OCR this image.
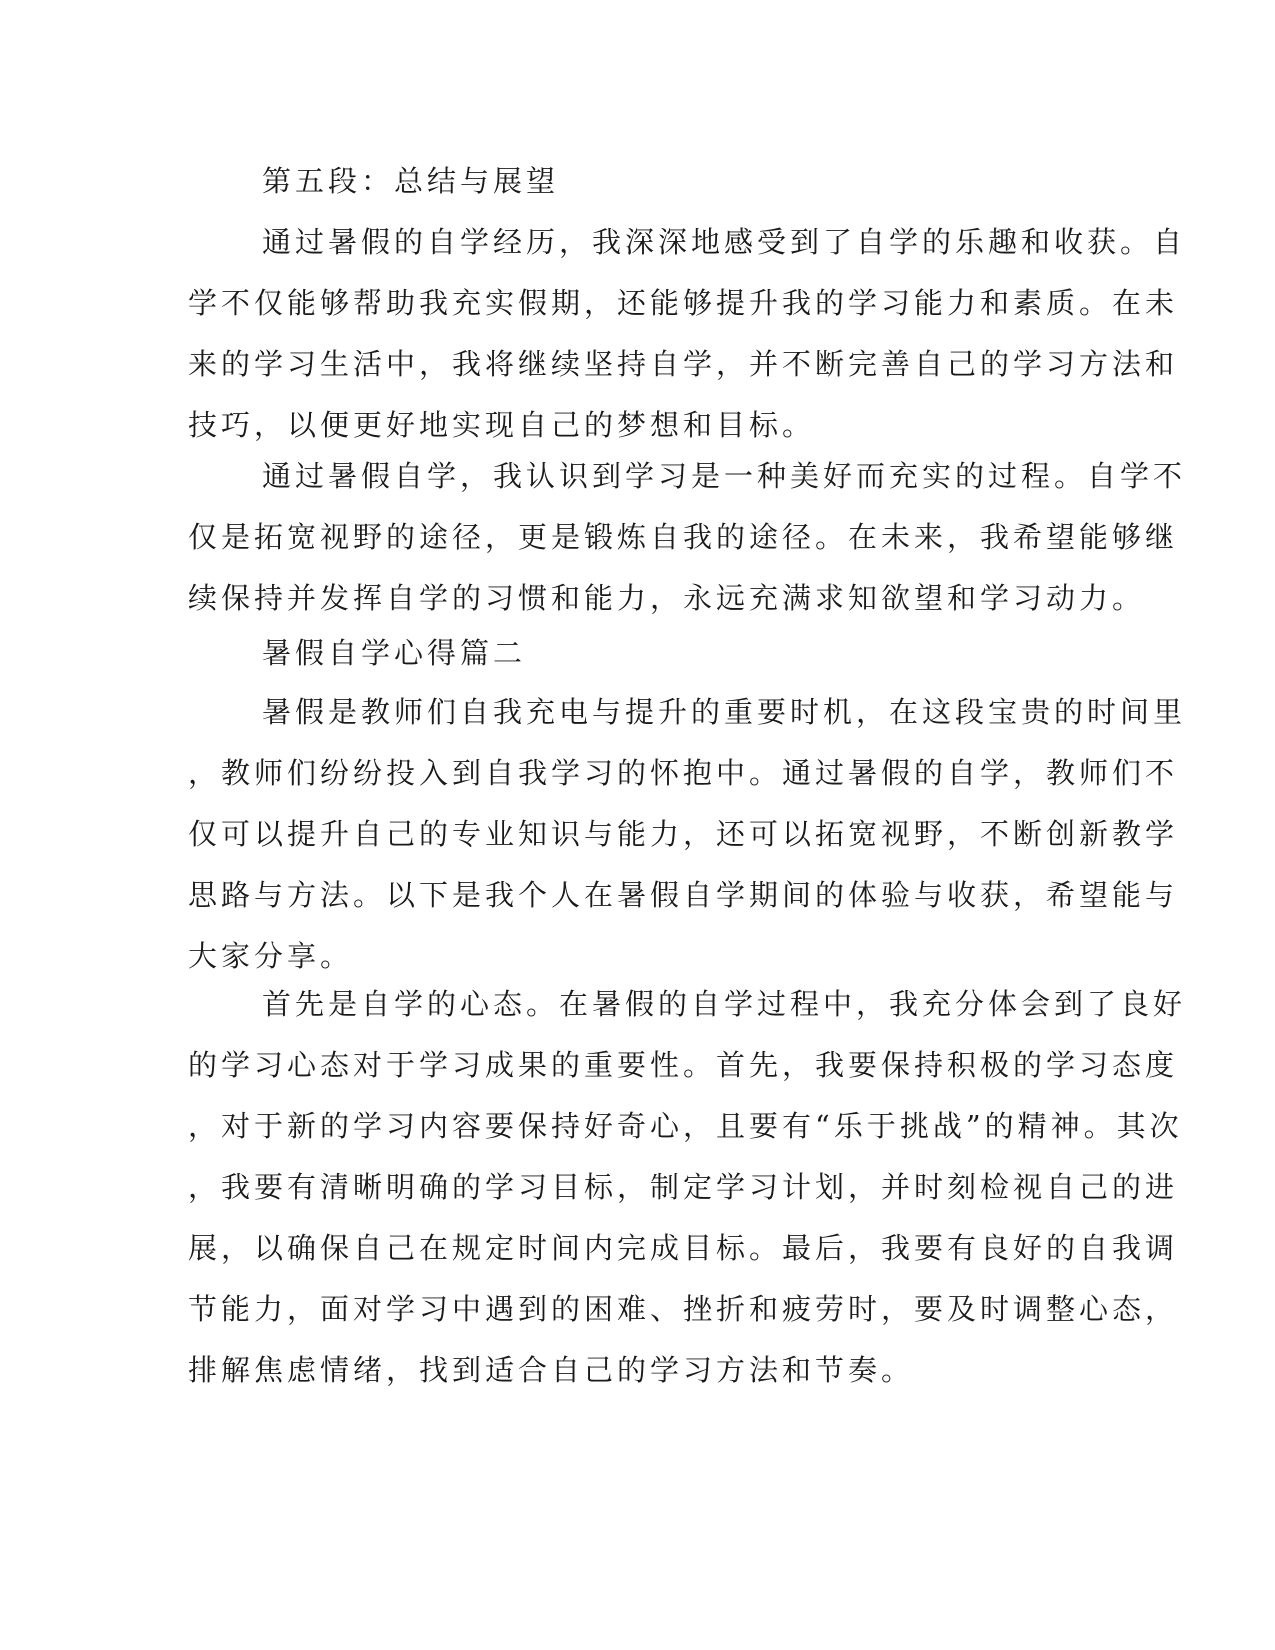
第五段：总结与展望
通过暑假的自学经历，我深深地感受到了自学的乐趣和收获。自
学不仅能够帮助我充实假期，还能够提升我的学习能力和素质。在未
来的学习生活中，我将继续坚持自学，并不断完善自己的学习方法和
技巧，以便更好地实现自己的梦想和目标。
通过暑假自学，我认识到学习是一种美好而充实的过程。自学不
仅是拓宽视野的途径，更是锻炼自我的途径。在未来，我希望能够继
续保持并发挥自学的习惯和能力，永远充满求知欲望和学习动力。
暑假自学心得篇二
暑假是教师们自我充电与提升的重要时机，在这段宝贵的时间里
，教师们纷纷投入到自我学习的怀抱中。通过暑假的自学，教师们不
仅可以提升自己的专业知识与能力，还可以拓宽视野，不断创新教学
思路与方法。以下是我个人在暑假自学期间的体验与收获，希望能与
大家分享。
首先是自学的心态。在暑假的自学过程中，我充分体会到了良好
的学习心态对于学习成果的重要性。首先，我要保持积极的学习态度
，对于新的学习内容要保持好奇心，且要有“乐于挑战”的精神。其次
，我要有清晰明确的学习目标，制定学习计划，并时刻检视自己的进
展，以确保自己在规定时间内完成目标。最后，我要有良好的自我调
节能力，面对学习中遇到的困难、挫折和疲劳时，要及时调整心态，
排解焦虑情绪，找到适合自己的学习方法和节奏。
